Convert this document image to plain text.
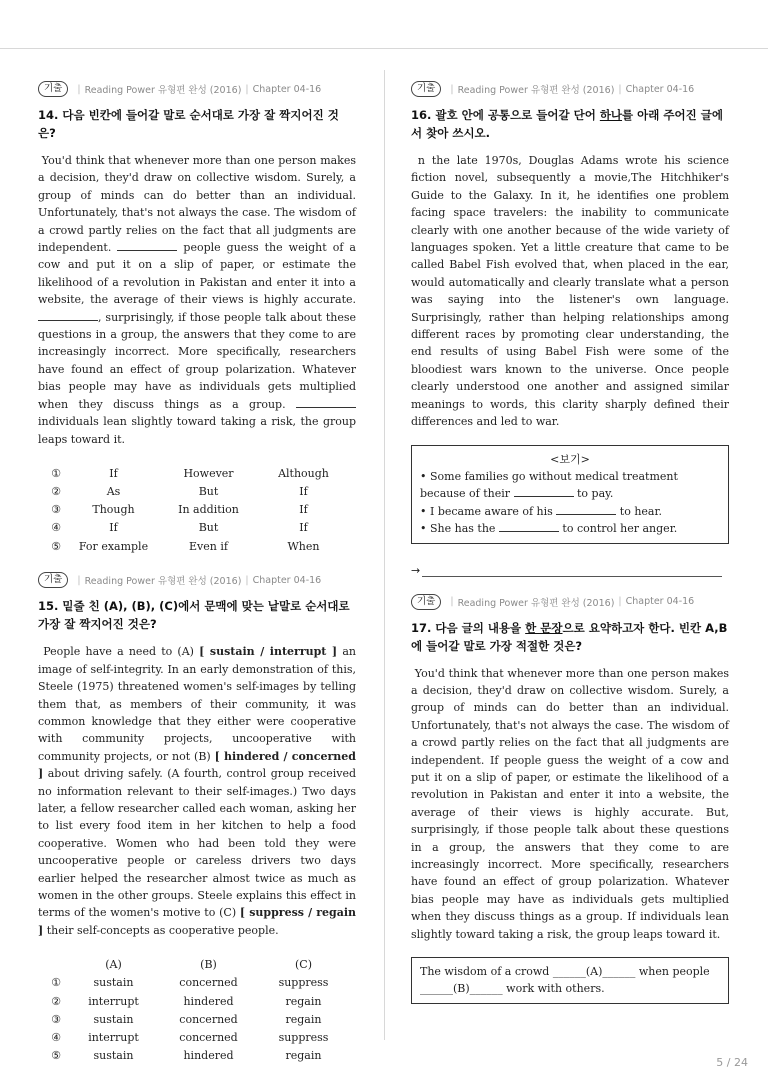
기출	| Reading Power 유형편 완성 (2016) | Chapter 04-16
14. 다음 빈칸에 들어갈 말로 순서대로 가장 잘 짝지어진 것은?

You'd think that whenever more than one person makes a decision, they'd draw on collective wisdom. Surely, a group of minds can do better than an individual. Unfortunately, that's not always the case. The wisdom of a crowd partly relies on the fact that all judgments are independent.	people guess the weight of a cow and put it on a slip of paper, or estimate the likelihood of a revolution in Pakistan and enter it into a website, the average of their views is highly accurate. , surprisingly, if those people talk about these questions in a group, the answers that they come to are increasingly incorrect. More specifically, researchers have found an effect of group polarization. Whatever bias people may have as individuals gets multiplied when they discuss things as a group.  individuals lean slightly toward taking a risk, the group leaps toward it.

①	If	However	Although
②	As	But	If
③	Though	In addition	If
④	If	But	If
⑤	For example	Even if	When
기출	| Reading Power 유형편 완성 (2016) | Chapter 04-16
15. 밑줄 친 (A), (B), (C)에서 문맥에 맞는 낱말로 순서대로 가장 잘 짝지어진 것은?

People have a need to (A) [ sustain / interrupt ] an image of self-integrity. In an early demonstration of this, Steele (1975) threatened women's self-images by telling them that, as members of their community, it was common knowledge that they either were cooperative with community projects, uncooperative with community projects, or not (B) [ hindered / concerned ] about driving safely. (A fourth, control group received no information relevant to their self-images.) Two days later, a fellow researcher called each woman, asking her to list every food item in her kitchen to help a food cooperative. Women who had been told they were uncooperative people or careless drivers two days earlier helped the researcher almost twice as much as women in the other groups. Steele explains this effect in terms of the women's motive to (C) [ suppress / regain ] their self-concepts as cooperative people.

	(A)	(B)	(C)
①	sustain	concerned	suppress
②	interrupt	hindered	regain
③	sustain	concerned	regain
④	interrupt	concerned	suppress
⑤	sustain	hindered	regain
기출	| Reading Power 유형편 완성 (2016) | Chapter 04-16
16. 괄호 안에 공통으로 들어갈 단어 하나를 아래 주어진 글에서 찾아 쓰시오.

n the late 1970s, Douglas Adams wrote his science fiction novel, subsequently a movie,The Hitchhiker's Guide to the Galaxy. In it, he identifies one problem facing space travelers: the inability to communicate clearly with one another because of the wide variety of languages spoken. Yet a little creature that came to be called Babel Fish evolved that, when placed in the ear, would automatically and clearly translate what a person was saying into the listener's own language. Surprisingly, rather than helping relationships among different races by promoting clear understanding, the end results of using Babel Fish were some of the bloodiest wars known to the universe. Once people clearly understood one another and assigned similar meanings to words, this clarity sharply defined their differences and led to war.

<보기>
• Some families go without medical treatment because of their	to pay.
• I became aware of his	to hear.
• She has the	to control her anger.
→
기출	| Reading Power 유형편 완성 (2016) | Chapter 04-16
17. 다음 글의 내용을 한 문장으로 요약하고자 한다. 빈칸 A,B에 들어갈 말로 가장 적절한 것은?

You'd think that whenever more than one person makes a decision, they'd draw on collective wisdom. Surely, a group of minds can do better than an individual. Unfortunately, that's not always the case. The wisdom of a crowd partly relies on the fact that all judgments are independent. If people guess the weight of a cow and put it on a slip of paper, or estimate the likelihood of a revolution in Pakistan and enter it into a website, the average of their views is highly accurate. But, surprisingly, if those people talk about these questions in a group, the answers that they come to are increasingly incorrect. More specifically, researchers have found an effect of group polarization. Whatever bias people may have as individuals gets multiplied when they discuss things as a group. If individuals lean slightly toward taking a risk, the group leaps toward it.

The wisdom of a crowd ______(A)______ when people ______(B)______ work with others.
5 / 24
